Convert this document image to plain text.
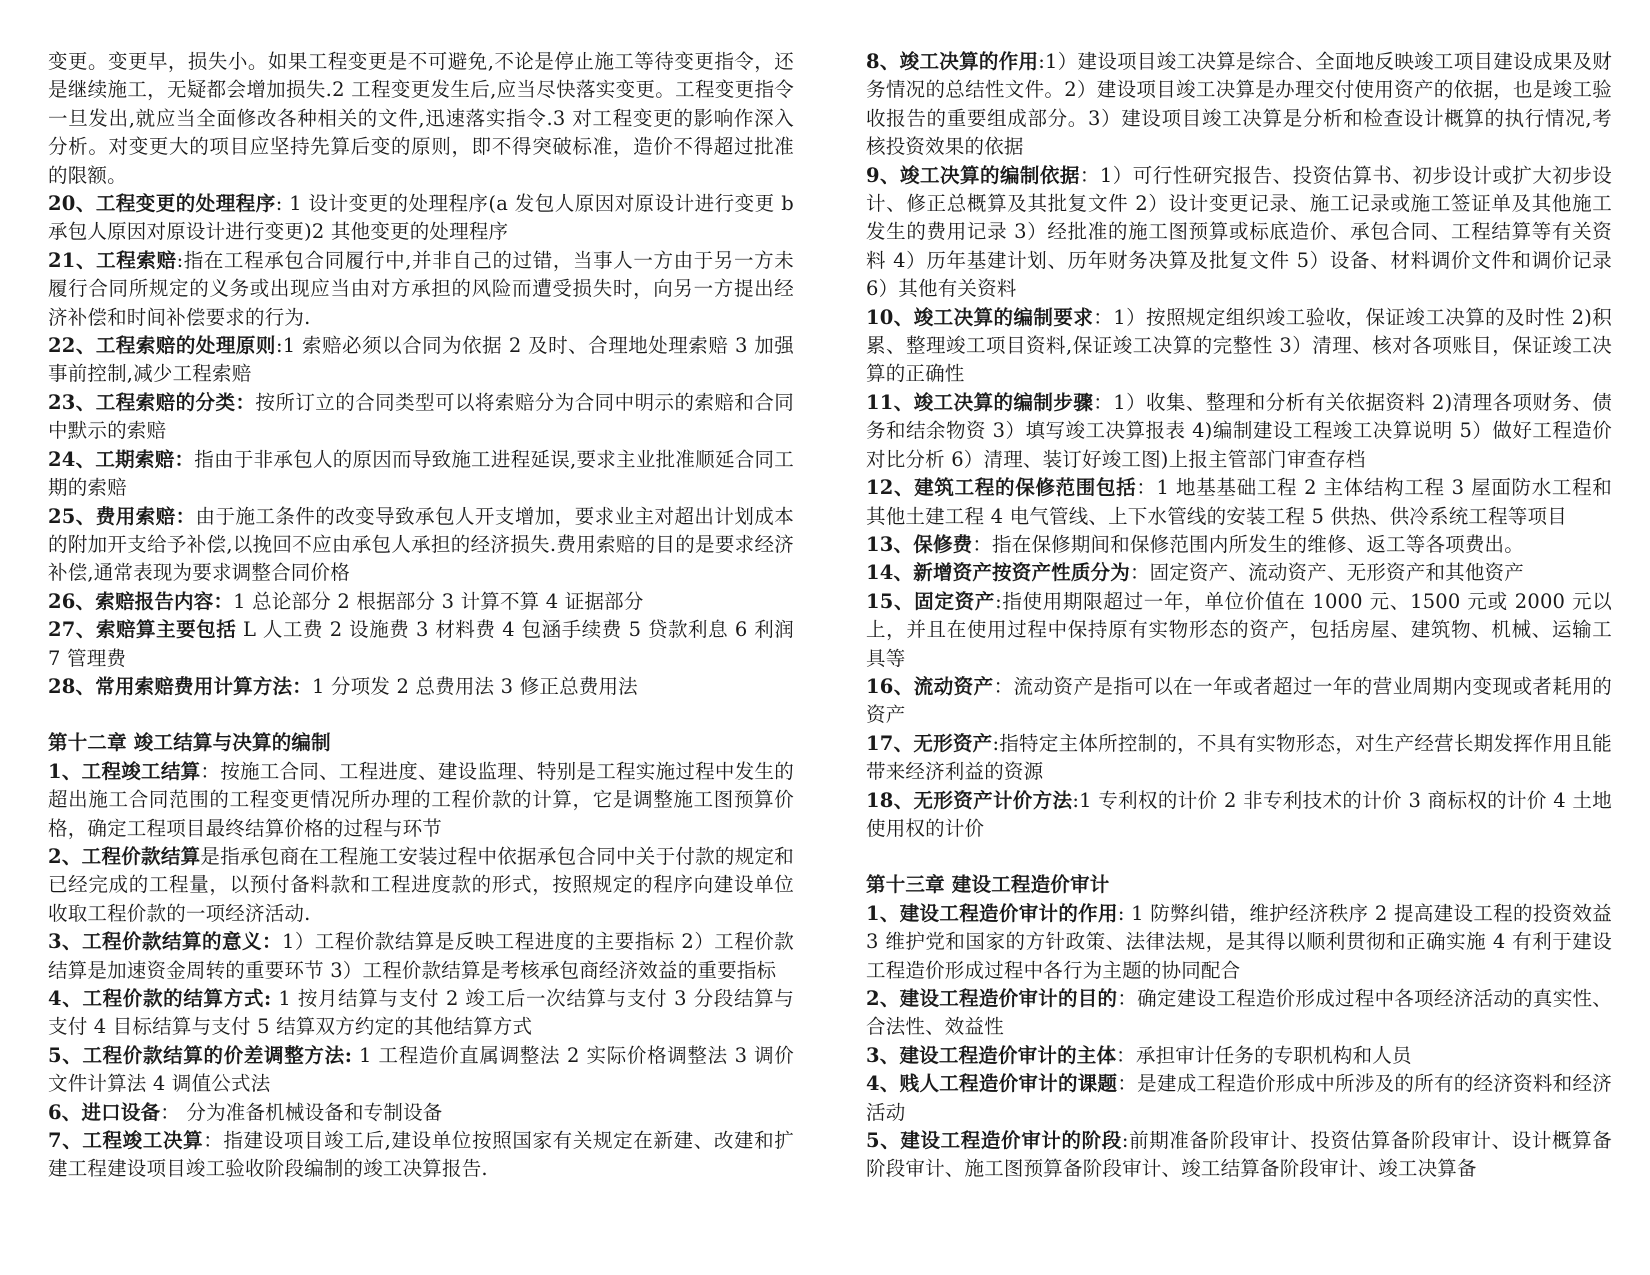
变更。变更早，损失小。如果工程变更是不可避免,不论是停止施工等待变更指令，还是继续施工，无疑都会增加损失.2 工程变更发生后,应当尽快落实变更。工程变更指令一旦发出,就应当全面修改各种相关的文件,迅速落实指令.3 对工程变更的影响作深入分析。对变更大的项目应坚持先算后变的原则，即不得突破标准，造价不得超过批准的限额。

20、工程变更的处理程序: 1 设计变更的处理程序(a 发包人原因对原设计进行变更 b 承包人原因对原设计进行变更)2 其他变更的处理程序

21、工程索赔:指在工程承包合同履行中,并非自己的过错，当事人一方由于另一方未履行合同所规定的义务或出现应当由对方承担的风险而遭受损失时，向另一方提出经济补偿和时间补偿要求的行为.

22、工程索赔的处理原则:1 索赔必须以合同为依据 2 及时、合理地处理索赔 3 加强事前控制,减少工程索赔

23、工程索赔的分类：按所订立的合同类型可以将索赔分为合同中明示的索赔和合同中默示的索赔

24、工期索赔：指由于非承包人的原因而导致施工进程延误,要求主业批准顺延合同工期的索赔

25、费用索赔：由于施工条件的改变导致承包人开支增加，要求业主对超出计划成本的附加开支给予补偿,以挽回不应由承包人承担的经济损失.费用索赔的目的是要求经济补偿,通常表现为要求调整合同价格

26、索赔报告内容：1 总论部分 2 根据部分 3 计算不算 4 证据部分

27、索赔算主要包括 L 人工费 2 设施费 3 材料费 4 包涵手续费 5 贷款利息 6 利润 7 管理费

28、常用索赔费用计算方法：1 分项发 2 总费用法 3 修正总费用法

第十二章 竣工结算与决算的编制

1、工程竣工结算：按施工合同、工程进度、建设监理、特别是工程实施过程中发生的超出施工合同范围的工程变更情况所办理的工程价款的计算，它是调整施工图预算价格，确定工程项目最终结算价格的过程与环节

2、工程价款结算是指承包商在工程施工安装过程中依据承包合同中关于付款的规定和已经完成的工程量，以预付备料款和工程进度款的形式，按照规定的程序向建设单位收取工程价款的一项经济活动.

3、工程价款结算的意义：1）工程价款结算是反映工程进度的主要指标 2）工程价款结算是加速资金周转的重要环节 3）工程价款结算是考核承包商经济效益的重要指标

4、工程价款的结算方式: 1 按月结算与支付 2 竣工后一次结算与支付 3 分段结算与支付 4 目标结算与支付 5 结算双方约定的其他结算方式

5、工程价款结算的价差调整方法: 1 工程造价直属调整法 2 实际价格调整法 3 调价文件计算法 4 调值公式法

6、进口设备： 分为准备机械设备和专制设备

7、工程竣工决算：指建设项目竣工后,建设单位按照国家有关规定在新建、改建和扩建工程建设项目竣工验收阶段编制的竣工决算报告.

8、竣工决算的作用:1）建设项目竣工决算是综合、全面地反映竣工项目建设成果及财务情况的总结性文件。2）建设项目竣工决算是办理交付使用资产的依据，也是竣工验收报告的重要组成部分。3）建设项目竣工决算是分析和检查设计概算的执行情况,考核投资效果的依据

9、竣工决算的编制依据：1）可行性研究报告、投资估算书、初步设计或扩大初步设计、修正总概算及其批复文件 2）设计变更记录、施工记录或施工签证单及其他施工发生的费用记录 3）经批准的施工图预算或标底造价、承包合同、工程结算等有关资料 4）历年基建计划、历年财务决算及批复文件 5）设备、材料调价文件和调价记录 6）其他有关资料

10、竣工决算的编制要求：1）按照规定组织竣工验收，保证竣工决算的及时性 2)积累、整理竣工项目资料,保证竣工决算的完整性 3）清理、核对各项账目，保证竣工决算的正确性

11、竣工决算的编制步骤：1）收集、整理和分析有关依据资料 2)清理各项财务、债务和结余物资 3）填写竣工决算报表 4)编制建设工程竣工决算说明 5）做好工程造价对比分析 6）清理、装订好竣工图)上报主管部门审查存档

12、建筑工程的保修范围包括：1 地基基础工程 2 主体结构工程 3 屋面防水工程和其他土建工程 4 电气管线、上下水管线的安装工程 5 供热、供冷系统工程等项目

13、保修费：指在保修期间和保修范围内所发生的维修、返工等各项费出。

14、新增资产按资产性质分为：固定资产、流动资产、无形资产和其他资产

15、固定资产:指使用期限超过一年，单位价值在 1000 元、1500 元或 2000 元以上，并且在使用过程中保持原有实物形态的资产，包括房屋、建筑物、机械、运输工具等

16、流动资产：流动资产是指可以在一年或者超过一年的营业周期内变现或者耗用的资产

17、无形资产:指特定主体所控制的，不具有实物形态，对生产经营长期发挥作用且能带来经济利益的资源

18、无形资产计价方法:1 专利权的计价 2 非专利技术的计价 3 商标权的计价 4 土地使用权的计价

第十三章 建设工程造价审计

1、建设工程造价审计的作用: 1 防弊纠错，维护经济秩序 2 提高建设工程的投资效益 3 维护党和国家的方针政策、法律法规，是其得以顺利贯彻和正确实施 4 有利于建设工程造价形成过程中各行为主题的协同配合

2、建设工程造价审计的目的：确定建设工程造价形成过程中各项经济活动的真实性、合法性、效益性

3、建设工程造价审计的主体：承担审计任务的专职机构和人员

4、贱人工程造价审计的课题：是建成工程造价形成中所涉及的所有的经济资料和经济活动

5、建设工程造价审计的阶段:前期准备阶段审计、投资估算备阶段审计、设计概算备阶段审计、施工图预算备阶段审计、竣工结算备阶段审计、竣工决算备
